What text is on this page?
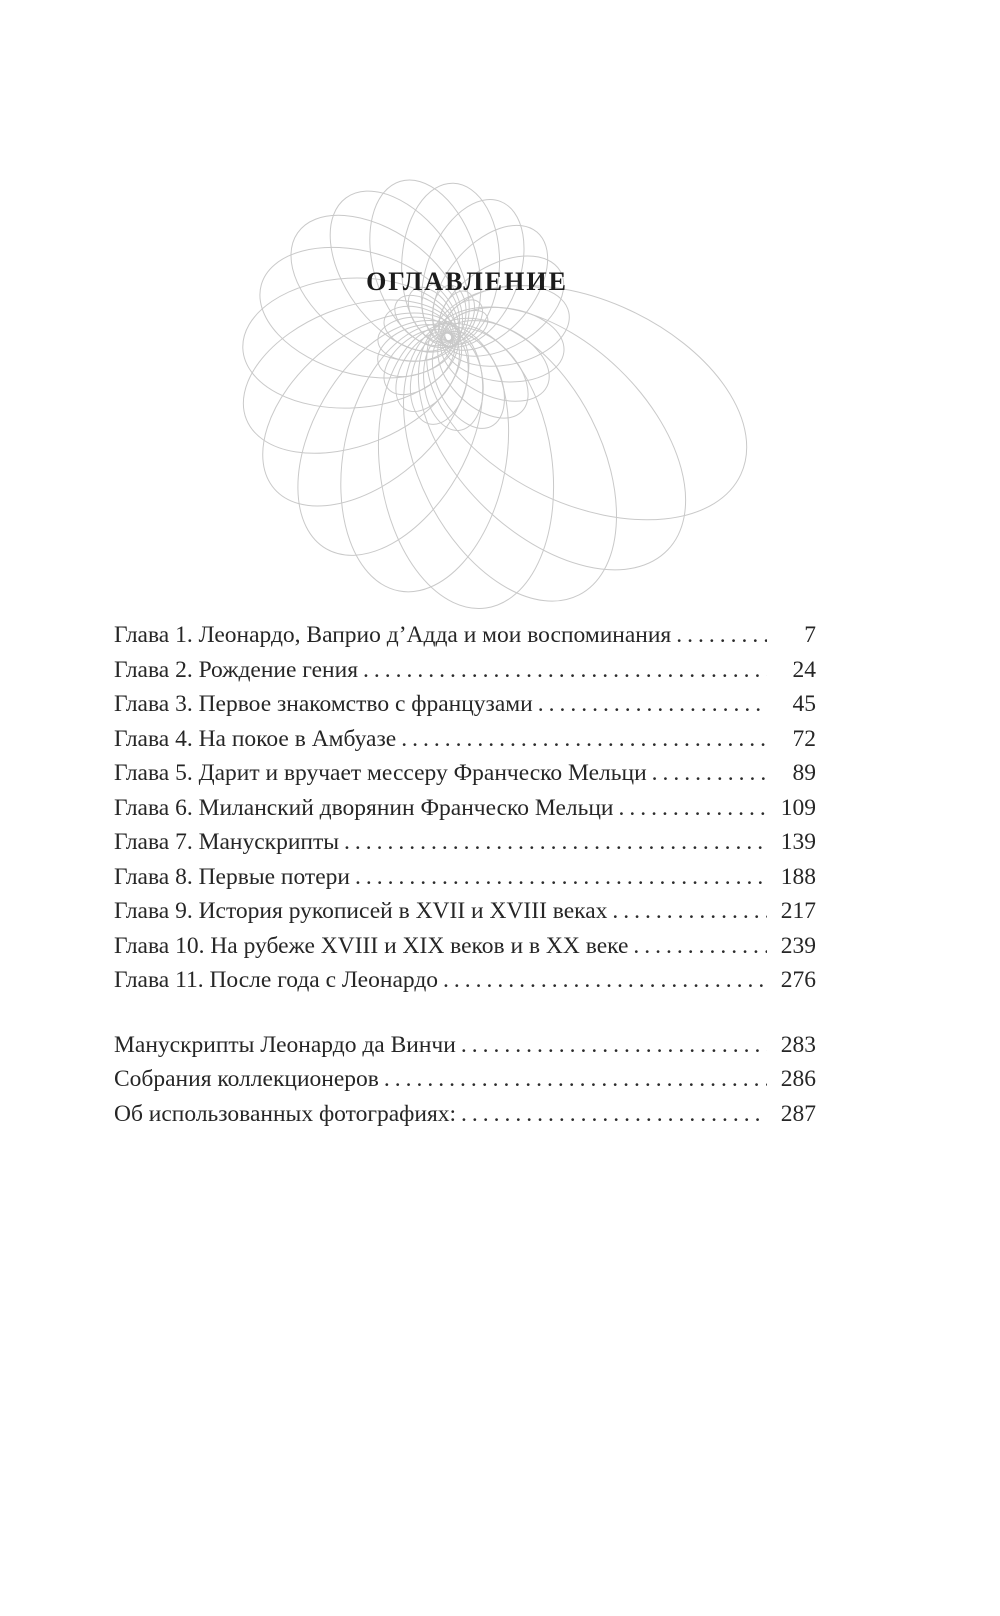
ОГЛАВЛЕНИЕ
Глава 1. Леонардо, Ваприо д’Адда и мои воспоминания .....	7
Глава 2. Рождение гения .....	24
Глава 3. Первое знакомство с французами .....	45
Глава 4. На покое в Амбуазе .....	72
Глава 5. Дарит и вручает мессеру Франческо Мельци .....	89
Глава 6. Миланский дворянин Франческо Мельци .....	109
Глава 7. Манускрипты .....	139
Глава 8. Первые потери .....	188
Глава 9. История рукописей в XVII и XVIII веках .....	217
Глава 10. На рубеже XVIII и XIX веков и в XX веке .....	239
Глава 11. После года с Леонардо .....	276
Манускрипты Леонардо да Винчи .....	283
Собрания коллекционеров .....	286
Об использованных фотографиях: .....	287
